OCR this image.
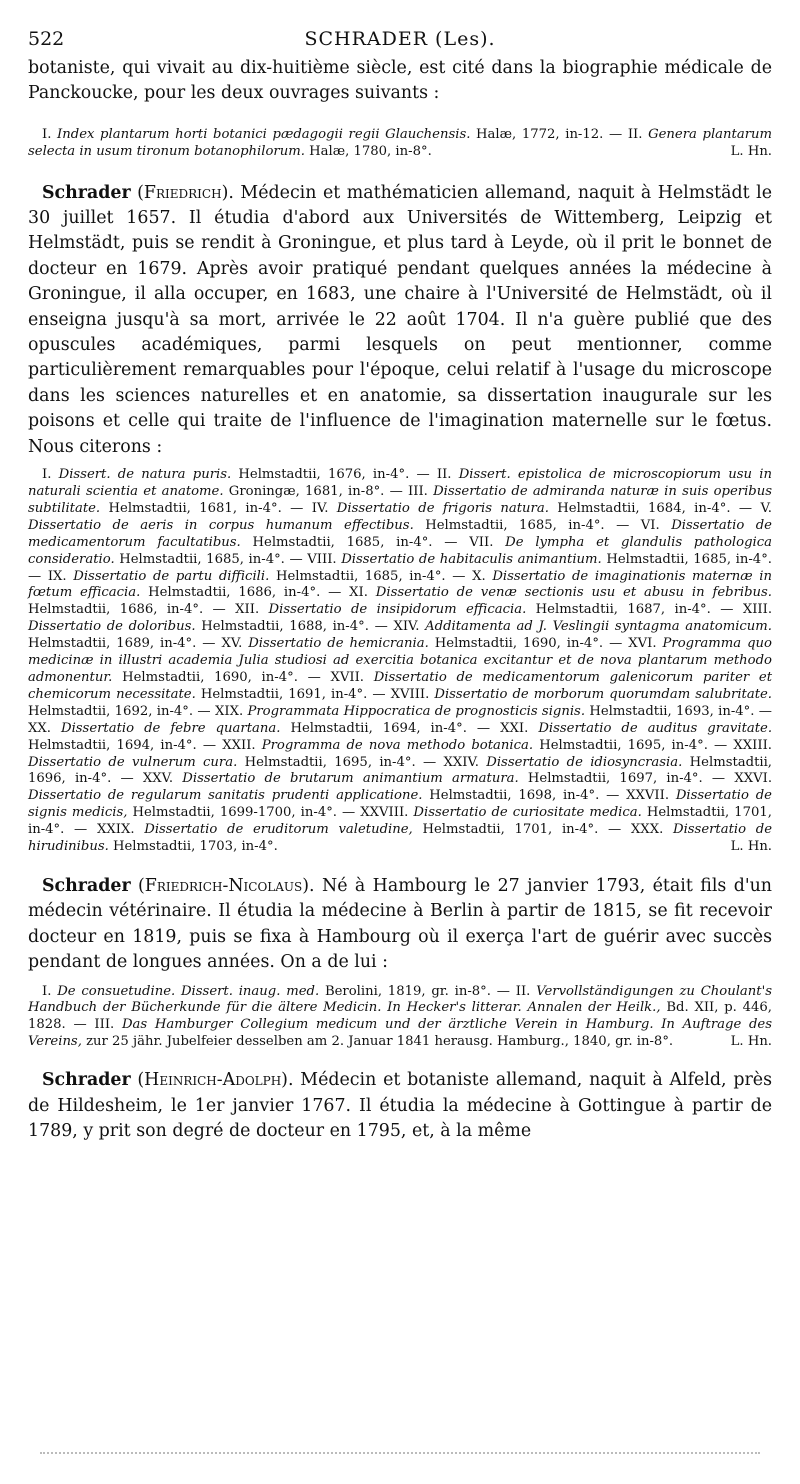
522	SCHRADER (Les).

botaniste, qui vivait au dix-huitième siècle, est cité dans la biographie médicale de Panckoucke, pour les deux ouvrages suivants :

I. Index plantarum horti botanici pædagogii regii Glauchensis. Halæ, 1772, in-12. — II. Genera plantarum selecta in usum tironum botanophilorum. Halæ, 1780, in-8°.	L. Hn.

Schrader (Friedrich). Médecin et mathématicien allemand, naquit à Helmstädt le 30 juillet 1657. Il étudia d'abord aux Universités de Wittemberg, Leipzig et Helmstädt, puis se rendit à Groningue, et plus tard à Leyde, où il prit le bonnet de docteur en 1679. Après avoir pratiqué pendant quelques années la médecine à Groningue, il alla occuper, en 1683, une chaire à l'Université de Helmstädt, où il enseigna jusqu'à sa mort, arrivée le 22 août 1704. Il n'a guère publié que des opuscules académiques, parmi lesquels on peut mentionner, comme particulièrement remarquables pour l'époque, celui relatif à l'usage du microscope dans les sciences naturelles et en anatomie, sa dissertation inaugurale sur les poisons et celle qui traite de l'influence de l'imagination maternelle sur le fœtus. Nous citerons :

I. Dissert. de natura puris. Helmstadtii, 1676, in-4°. — II. Dissert. epistolica de microscopiorum usu in naturali scientia et anatome. Groningæ, 1681, in-8°. — III. Dissertatio de admiranda naturæ in suis operibus subtilitate. Helmstadtii, 1681, in-4°. — IV. Dissertatio de frigoris natura. Helmstadtii, 1684, in-4°. — V. Dissertatio de aeris in corpus humanum effectibus. Helmstadtii, 1685, in-4°. — VI. Dissertatio de medicamentorum facultatibus. Helmstadtii, 1685, in-4°. — VII. De lympha et glandulis pathologica consideratio. Helmstadtii, 1685, in-4°. — VIII. Dissertatio de habitaculis animantium. Helmstadtii, 1685, in-4°. — IX. Dissertatio de partu difficili. Helmstadtii, 1685, in-4°. — X. Dissertatio de imaginationis maternæ in fœtum efficacia. Helmstadtii, 1686, in-4°. — XI. Dissertatio de venæ sectionis usu et abusu in febribus. Helmstadtii, 1686, in-4°. — XII. Dissertatio de insipidorum efficacia. Helmstadtii, 1687, in-4°. — XIII. Dissertatio de doloribus. Helmstadtii, 1688, in-4°. — XIV. Additamenta ad J. Veslingii syntagma anatomicum. Helmstadtii, 1689, in-4°. — XV. Dissertatio de hemicrania. Helmstadtii, 1690, in-4°. — XVI. Programma quo medicinæ in illustri academia Julia studiosi ad exercitia botanica excitantur et de nova plantarum methodo admonentur. Helmstadtii, 1690, in-4°. — XVII. Dissertatio de medicamentorum galenicorum pariter et chemicorum necessitate. Helmstadtii, 1691, in-4°. — XVIII. Dissertatio de morborum quorumdam salubritate. Helmstadtii, 1692, in-4°. — XIX. Programmata Hippocratica de prognosticis signis. Helmstadtii, 1693, in-4°. — XX. Dissertatio de febre quartana. Helmstadtii, 1694, in-4°. — XXI. Dissertatio de auditus gravitate. Helmstadtii, 1694, in-4°. — XXII. Programma de nova methodo botanica. Helmstadtii, 1695, in-4°. — XXIII. Dissertatio de vulnerum cura. Helmstadtii, 1695, in-4°. — XXIV. Dissertatio de idiosyncrasia. Helmstadtii, 1696, in-4°. — XXV. Dissertatio de brutarum animantium armatura. Helmstadtii, 1697, in-4°. — XXVI. Dissertatio de regularum sanitatis prudenti applicatione. Helmstadtii, 1698, in-4°. — XXVII. Dissertatio de signis medicis, Helmstadtii, 1699-1700, in-4°. — XXVIII. Dissertatio de curiositate medica. Helmstadtii, 1701, in-4°. — XXIX. Dissertatio de eruditorum valetudine, Helmstadtii, 1701, in-4°. — XXX. Dissertatio de hirudinibus. Helmstadtii, 1703, in-4°.	L. Hn.

Schrader (Friedrich-Nicolaus). Né à Hambourg le 27 janvier 1793, était fils d'un médecin vétérinaire. Il étudia la médecine à Berlin à partir de 1815, se fit recevoir docteur en 1819, puis se fixa à Hambourg où il exerça l'art de guérir avec succès pendant de longues années. On a de lui :

I. De consuetudine. Dissert. inaug. med. Berolini, 1819, gr. in-8°. — II. Vervollständigungen zu Choulant's Handbuch der Bücherkunde für die ältere Medicin. In Hecker's litterar. Annalen der Heilk., Bd. XII, p. 446, 1828. — III. Das Hamburger Collegium medicum und der ärztliche Verein in Hamburg. In Auftrage des Vereins, zur 25 jähr. Jubelfeier desselben am 2. Januar 1841 herausg. Hamburg., 1840, gr. in-8°.	L. Hn.

Schrader (Heinrich-Adolph). Médecin et botaniste allemand, naquit à Alfeld, près de Hildesheim, le 1er janvier 1767. Il étudia la médecine à Gottingue à partir de 1789, y prit son degré de docteur en 1795, et, à la même
